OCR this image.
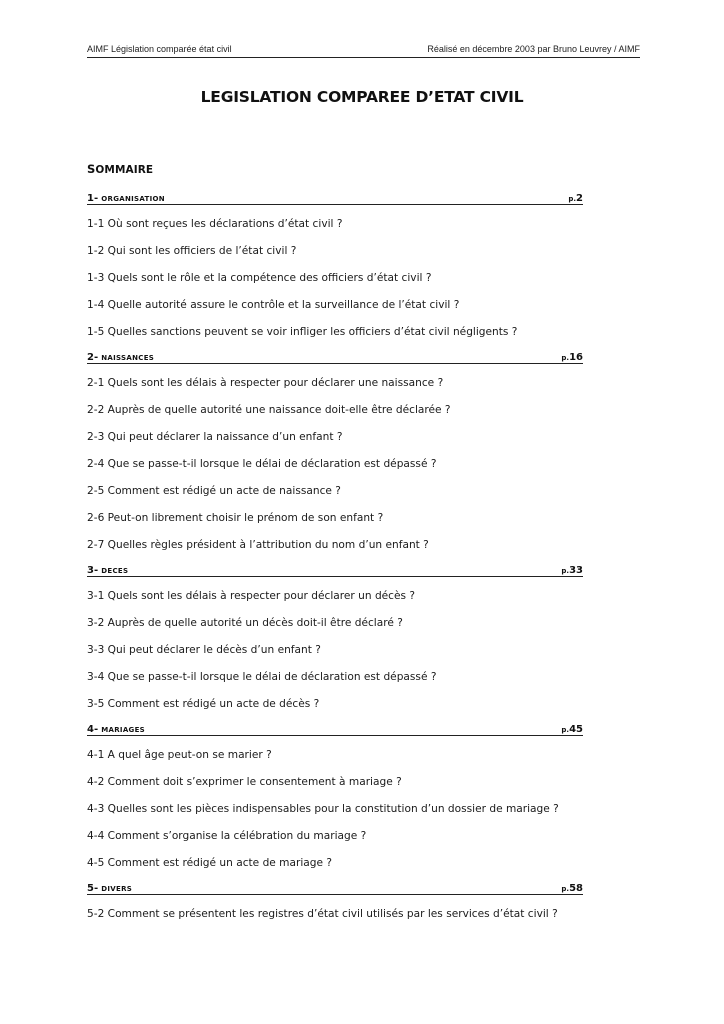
AIMF Législation comparée état civil	Réalisé en décembre 2003 par Bruno Leuvrey / AIMF
LEGISLATION COMPAREE D’ETAT CIVIL
SOMMAIRE
1- ORGANISATION	p.2
1-1 Où sont reçues les déclarations d’état civil ?
1-2 Qui sont les officiers de l’état civil ?
1-3 Quels sont le rôle et la compétence des officiers d’état civil ?
1-4 Quelle autorité assure le contrôle et la surveillance de l’état civil ?
1-5 Quelles sanctions peuvent se voir infliger les officiers d’état civil négligents ?
2- NAISSANCES	p.16
2-1 Quels sont les délais à respecter pour déclarer une naissance ?
2-2 Auprès de quelle autorité une naissance doit-elle être déclarée ?
2-3 Qui peut déclarer la naissance d’un enfant ?
2-4 Que se passe-t-il lorsque le délai de déclaration est dépassé ?
2-5 Comment est rédigé un acte de naissance ?
2-6 Peut-on librement choisir le prénom de son enfant ?
2-7 Quelles règles président à l’attribution du nom d’un enfant ?
3- DECES	p.33
3-1 Quels sont les délais à respecter pour déclarer un décès ?
3-2 Auprès de quelle autorité un décès doit-il être déclaré ?
3-3 Qui peut déclarer le décès d’un enfant ?
3-4 Que se passe-t-il lorsque le délai de déclaration est dépassé ?
3-5 Comment est rédigé un acte de décès ?
4- MARIAGES	p.45
4-1 A quel âge peut-on se marier ?
4-2 Comment doit s’exprimer le consentement à mariage ?
4-3 Quelles sont les pièces indispensables pour la constitution d’un dossier de mariage ?
4-4 Comment s’organise la célébration du mariage ?
4-5 Comment est rédigé un acte de mariage ?
5- DIVERS	p.58
5-2 Comment se présentent les registres d’état civil utilisés par les services d’état civil ?
